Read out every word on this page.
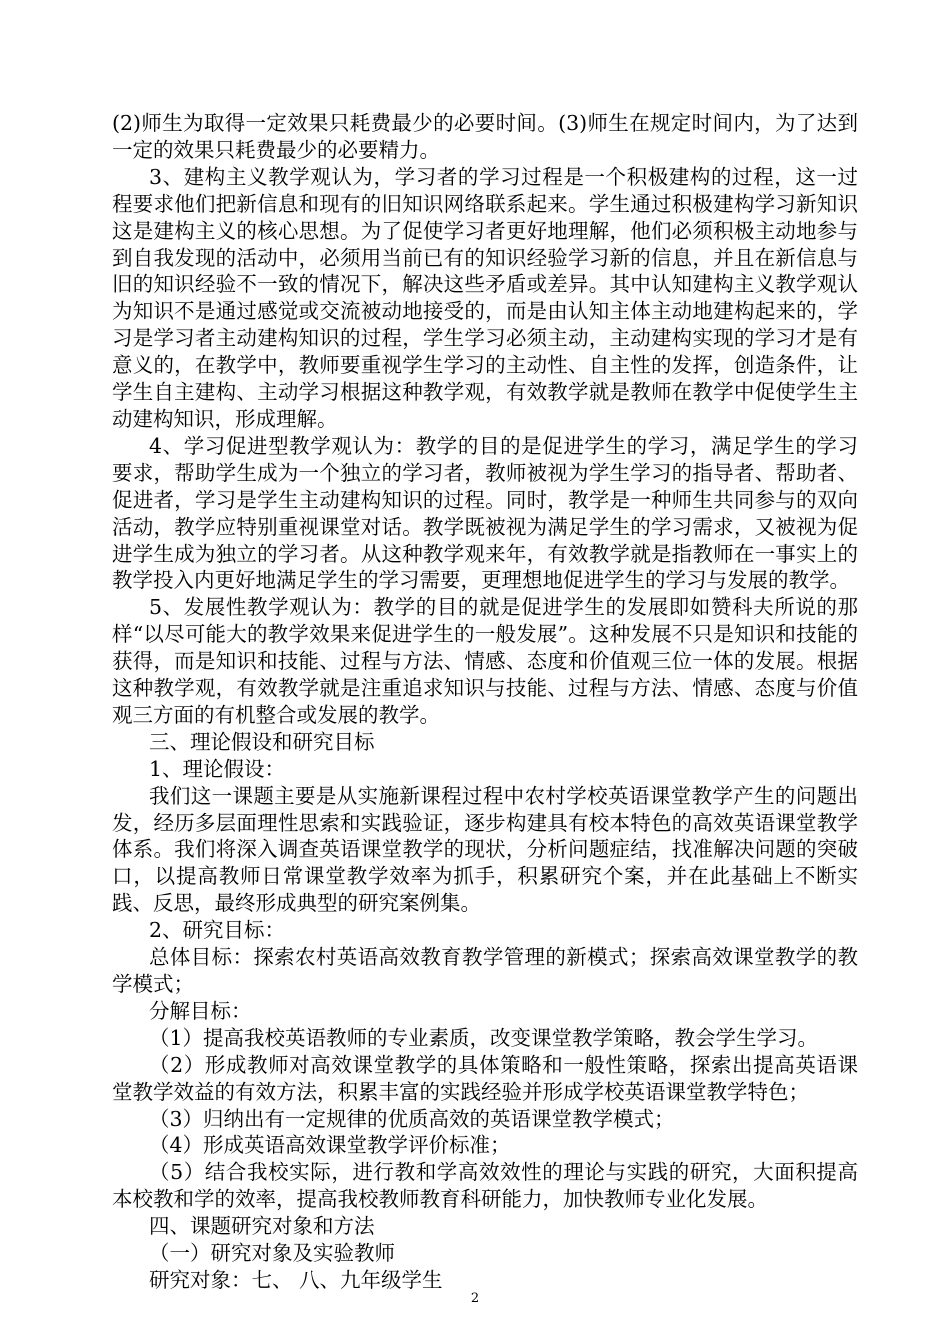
(2)师生为取得一定效果只耗费最少的必要时间。(3)师生在规定时间内，为了达到一定的效果只耗费最少的必要精力。

3、建构主义教学观认为，学习者的学习过程是一个积极建构的过程，这一过程要求他们把新信息和现有的旧知识网络联系起来。学生通过积极建构学习新知识这是建构主义的核心思想。为了促使学习者更好地理解，他们必须积极主动地参与到自我发现的活动中，必须用当前已有的知识经验学习新的信息，并且在新信息与旧的知识经验不一致的情况下，解决这些矛盾或差异。其中认知建构主义教学观认为知识不是通过感觉或交流被动地接受的，而是由认知主体主动地建构起来的，学习是学习者主动建构知识的过程，学生学习必须主动，主动建构实现的学习才是有意义的，在教学中，教师要重视学生学习的主动性、自主性的发挥，创造条件，让学生自主建构、主动学习根据这种教学观，有效教学就是教师在教学中促使学生主动建构知识，形成理解。

4、学习促进型教学观认为：教学的目的是促进学生的学习，满足学生的学习要求，帮助学生成为一个独立的学习者，教师被视为学生学习的指导者、帮助者、促进者，学习是学生主动建构知识的过程。同时，教学是一种师生共同参与的双向活动，教学应特别重视课堂对话。教学既被视为满足学生的学习需求，又被视为促进学生成为独立的学习者。从这种教学观来年，有效教学就是指教师在一事实上的教学投入内更好地满足学生的学习需要，更理想地促进学生的学习与发展的教学。

5、发展性教学观认为：教学的目的就是促进学生的发展即如赞科夫所说的那样“以尽可能大的教学效果来促进学生的一般发展”。这种发展不只是知识和技能的获得，而是知识和技能、过程与方法、情感、态度和价值观三位一体的发展。根据这种教学观，有效教学就是注重追求知识与技能、过程与方法、情感、态度与价值观三方面的有机整合或发展的教学。

三、理论假设和研究目标

1、理论假设：

我们这一课题主要是从实施新课程过程中农村学校英语课堂教学产生的问题出发，经历多层面理性思索和实践验证，逐步构建具有校本特色的高效英语课堂教学体系。我们将深入调查英语课堂教学的现状，分析问题症结，找准解决问题的突破口，以提高教师日常课堂教学效率为抓手，积累研究个案，并在此基础上不断实践、反思，最终形成典型的研究案例集。

2、研究目标：

总体目标：探索农村英语高效教育教学管理的新模式；探索高效课堂教学的教学模式；

分解目标：

（1）提高我校英语教师的专业素质，改变课堂教学策略，教会学生学习。

（2）形成教师对高效课堂教学的具体策略和一般性策略，探索出提高英语课堂教学效益的有效方法，积累丰富的实践经验并形成学校英语课堂教学特色；

（3）归纳出有一定规律的优质高效的英语课堂教学模式；

（4）形成英语高效课堂教学评价标准；

（5）结合我校实际，进行教和学高效效性的理论与实践的研究，大面积提高本校教和学的效率，提高我校教师教育科研能力，加快教师专业化发展。

四、课题研究对象和方法

（一）研究对象及实验教师

研究对象：七、 八、九年级学生

2
